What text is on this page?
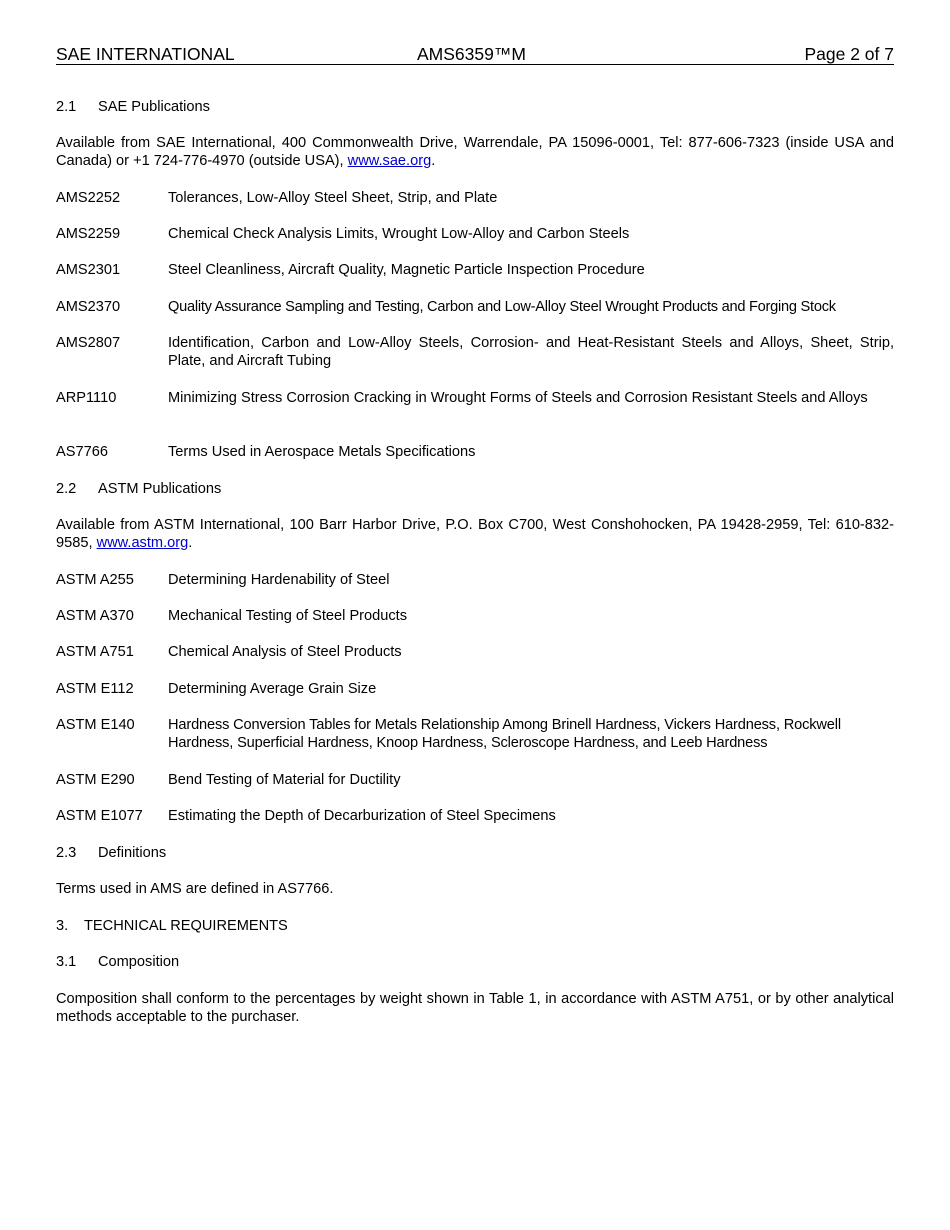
SAE INTERNATIONAL	AMS6359™M	Page 2 of 7
2.1 SAE Publications
Available from SAE International, 400 Commonwealth Drive, Warrendale, PA 15096-0001, Tel: 877-606-7323 (inside USA and Canada) or +1 724-776-4970 (outside USA), www.sae.org.
AMS2252	Tolerances, Low-Alloy Steel Sheet, Strip, and Plate
AMS2259	Chemical Check Analysis Limits, Wrought Low-Alloy and Carbon Steels
AMS2301	Steel Cleanliness, Aircraft Quality, Magnetic Particle Inspection Procedure
AMS2370	Quality Assurance Sampling and Testing, Carbon and Low-Alloy Steel Wrought Products and Forging Stock
AMS2807	Identification, Carbon and Low-Alloy Steels, Corrosion- and Heat-Resistant Steels and Alloys, Sheet, Strip, Plate, and Aircraft Tubing
ARP1110	Minimizing Stress Corrosion Cracking in Wrought Forms of Steels and Corrosion Resistant Steels and Alloys
AS7766	Terms Used in Aerospace Metals Specifications
2.2 ASTM Publications
Available from ASTM International, 100 Barr Harbor Drive, P.O. Box C700, West Conshohocken, PA 19428-2959, Tel: 610-832-9585, www.astm.org.
ASTM A255	Determining Hardenability of Steel
ASTM A370	Mechanical Testing of Steel Products
ASTM A751	Chemical Analysis of Steel Products
ASTM E112	Determining Average Grain Size
ASTM E140	Hardness Conversion Tables for Metals Relationship Among Brinell Hardness, Vickers Hardness, Rockwell Hardness, Superficial Hardness, Knoop Hardness, Scleroscope Hardness, and Leeb Hardness
ASTM E290	Bend Testing of Material for Ductility
ASTM E1077	Estimating the Depth of Decarburization of Steel Specimens
2.3 Definitions
Terms used in AMS are defined in AS7766.
3. TECHNICAL REQUIREMENTS
3.1 Composition
Composition shall conform to the percentages by weight shown in Table 1, in accordance with ASTM A751, or by other analytical methods acceptable to the purchaser.
